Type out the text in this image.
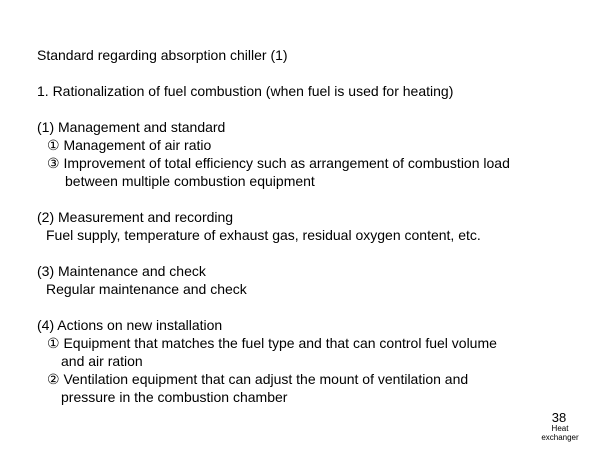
Standard regarding absorption chiller (1)
1. Rationalization of fuel combustion (when fuel is used for heating)
(1) Management and standard
① Management of air ratio
③ Improvement of total efficiency such as arrangement of combustion load
between multiple combustion equipment
(2) Measurement and recording
Fuel supply, temperature of exhaust gas, residual oxygen content, etc.
(3) Maintenance and check
Regular maintenance and check
(4) Actions on new installation
① Equipment that matches the fuel type and that can control fuel volume
and air ration
② Ventilation equipment that can adjust the mount of ventilation and
pressure in the combustion chamber
38
Heat
exchanger
